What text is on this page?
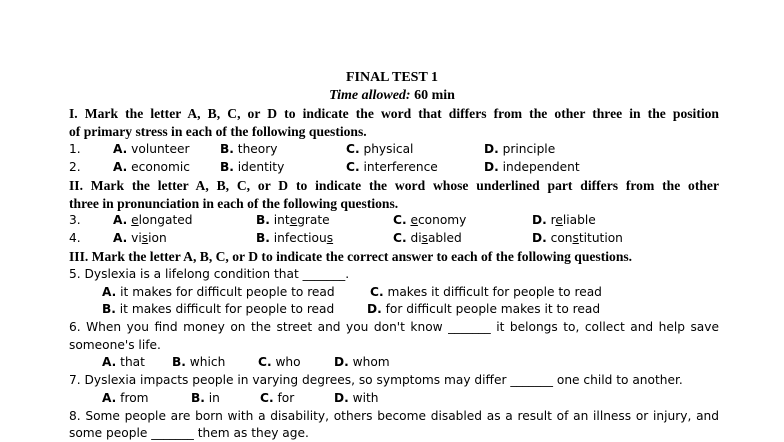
FINAL TEST 1
Time allowed: 60 min
I. Mark the letter A, B, C, or D to indicate the word that differs from the other three in the position
of primary stress in each of the following questions.
1.	A. volunteer	B. theory	C. physical	D. principle
2.	A. economic B. identity	C. interference	D. independent
II. Mark the letter A, B, C, or D to indicate the word whose underlined part differs from the other
three in pronunciation in each of the following questions.
3.	A. elongated	B. integrate	C. economy	D. reliable
4.	A. vision	B. infectious	C. disabled	D. constitution
III. Mark the letter A, B, C, or D to indicate the correct answer to each of the following questions.
5. Dyslexia is a lifelong condition that _______.
A. it makes for difficult people to read	C. makes it difficult for people to read
B. it makes difficult for people to read	D. for difficult people makes it to read
6. When you find money on the street and you don't know _______ it belongs to, collect and help save
someone's life.
A. that B. which	C. who	D. whom
7. Dyslexia impacts people in varying degrees, so symptoms may differ _______ one child to another.
A. from	B. in	C. for	D. with
8. Some people are born with a disability, others become disabled as a result of an illness or injury, and
some people _______ them as they age.
